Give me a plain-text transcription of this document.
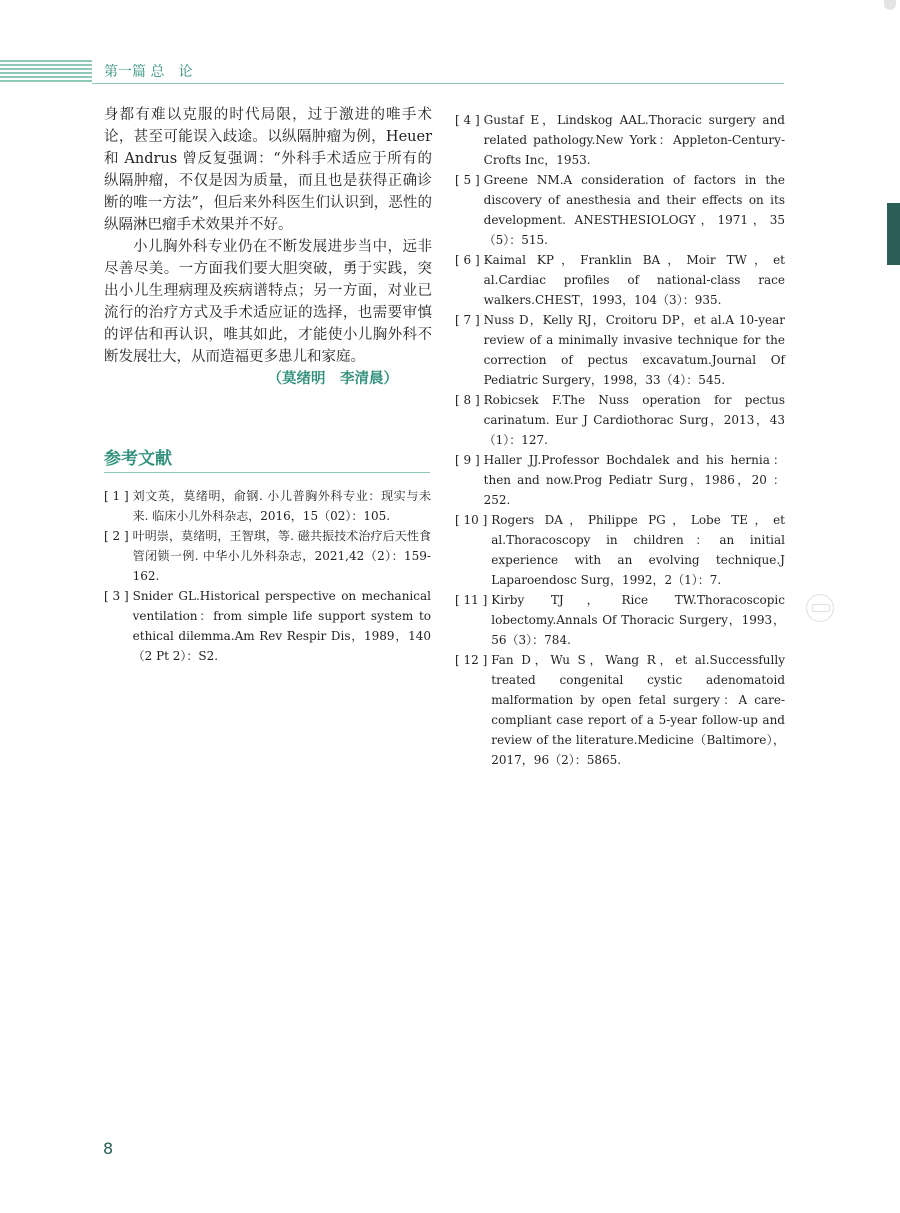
第一篇 总　论

身都有难以克服的时代局限，过于激进的唯手术论，甚至可能误入歧途。以纵隔肿瘤为例，Heuer 和 Andrus 曾反复强调：“外科手术适应于所有的纵隔肿瘤，不仅是因为质量，而且也是获得正确诊断的唯一方法”，但后来外科医生们认识到，恶性的纵隔淋巴瘤手术效果并不好。

小儿胸外科专业仍在不断发展进步当中，远非尽善尽美。一方面我们要大胆突破，勇于实践，突出小儿生理病理及疾病谱特点；另一方面，对业已流行的治疗方式及手术适应证的选择，也需要审慎的评估和再认识，唯其如此，才能使小儿胸外科不断发展壮大，从而造福更多患儿和家庭。

（莫绪明　李清晨）
参考文献
[ 1 ] 刘文英，莫绪明，俞钢. 小儿普胸外科专业：现实与未来. 临床小儿外科杂志，2016，15（02）：105.
[ 2 ] 叶明崇，莫绪明，王智琪，等. 磁共振技术治疗后天性食管闭锁一例. 中华小儿外科杂志，2021,42（2）：159-162.
[ 3 ] Snider GL.Historical perspective on mechanical ventilation：from simple life support system to ethical dilemma.Am Rev Respir Dis，1989，140（2 Pt 2）：S2.
[ 4 ] Gustaf E，Lindskog AAL.Thoracic surgery and related pathology.New York：Appleton-Century-Crofts Inc，1953.
[ 5 ] Greene NM.A consideration of factors in the discovery of anesthesia and their effects on its development. ANESTHESIOLOGY，1971，35（5）：515.
[ 6 ] Kaimal KP，Franklin BA，Moir TW，et al.Cardiac profiles of national-class race walkers.CHEST，1993，104（3）：935.
[ 7 ] Nuss D，Kelly RJ，Croitoru DP，et al.A 10-year review of a minimally invasive technique for the correction of pectus excavatum.Journal Of Pediatric Surgery，1998，33（4）：545.
[ 8 ] Robicsek F.The Nuss operation for pectus carinatum. Eur J Cardiothorac Surg，2013，43（1）：127.
[ 9 ] Haller JJ.Professor Bochdalek and his hernia：then and now.Prog Pediatr Surg，1986，20 ：252.
[ 10 ] Rogers DA，Philippe PG，Lobe TE，et al.Thoracoscopy in children：an initial experience with an evolving technique.J Laparoendosc Surg，1992，2（1）：7.
[ 11 ] Kirby TJ，Rice TW.Thoracoscopic lobectomy.Annals Of Thoracic Surgery，1993，56（3）：784.
[ 12 ] Fan D，Wu S，Wang R，et al.Successfully treated congenital cystic adenomatoid malformation by open fetal surgery：A care-compliant case report of a 5-year follow-up and review of the literature.Medicine（Baltimore），2017，96（2）：5865.
8
